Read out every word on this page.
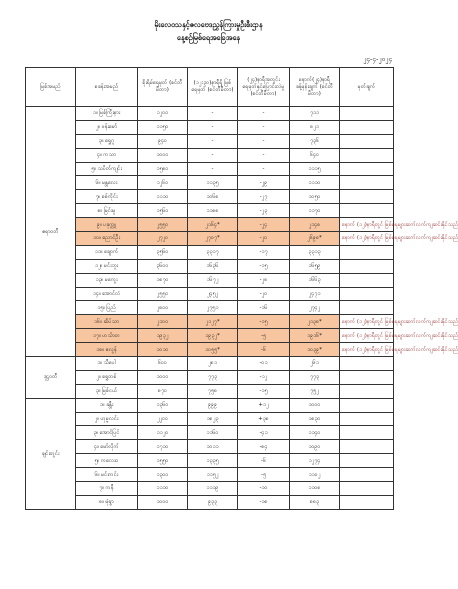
မိုးလေဝသနှင့်ဇလဗေဒညွှန်ကြားမှုဦးစီးဌာန
နေ့စဉ်မြစ်ရေအခြေအနေ
၂၄-၄-၂၀၂၄
မြစ်အမည်	စခန်းအမည်	စိုးရိမ်ရေမှတ် (စင်တီမီတာ)	(၁၂:၃၀)နာရီရှိ မြစ်ရေမှတ် (စင်တီမီတာ)	(၂၄)နာရီအတွင်း ရေမှတ်နှင့်ပြောင်းလဲမှု (စင်တီမီတာ)	နောက်(၂၄)နာရီ ခန့်မှန်းချက် (စင်တီမီတာ)	မှတ်ချက်
ဧရာဝတီ	၁။ မြစ်ကြီးနား	၁၂၀၀	-	-	၇၁၁	
	၂။ ဗန်းမော်	၁၁၅၀	-	-	၈၂၁	
	၃။ ရွှေဂူ	၉၄၀	-	-	၇၃၆	
	၄။ ကသာ	၁၀၀၀	-	-	၆၄၀	
	၅။ သပိတ်ကျင်း	၁၅၈၀	-	-	၁၁၁၅	
	၆။ မန္တလေး	၁၂၆၀	၁၁၃၅	-၂၉	၁၁၁၀	
	၇။ စစ်ကိုင်း	၁၁၁၀	၁၀၆၈	-၂၇	၁၀၅၀	
	၈။ မြင်းမူ	၁၅၆၀	၁၁၈၈	-၂၃	၁၁၇၀	
	၉။ ပခုက္ကူ	၂၅၅၀	၂၁၆၄*	-၂၄	၂၁၄၈	နောက် (၁၂)နာရီတွင် မြစ်ရေများဆက်လက်ကျဆင်းနိုင်သည်
	၁၀။ ညောင်ဦး	၂၇၂၀	၂၇၀၇*	-၂၀	၂၆၉၈*	နောက် (၁၂)နာရီတွင် မြစ်ရေများဆက်လက်ကျဆင်းနိုင်သည်
	၁၁။ ချောက်	၃၅၆၀	၃၃၁၇	-၁၇	၃၃၁၃	
	၁၂။ မင်းဘူး	၃၆၀၀	၁၆၃၆	-၁၅	၁၆၅၉	
	၁၃။ မကွေး	၁၈၇၀	၁၆၇၂	-၂၈	၁၆၆၃	
	၁၄။ အောင်လံ	၂၅၅၀	၂၄၅၂	-၂၀	၂၄၇၁	
	၁၅။ ပြည်	၂၈၀၀	၂၇၅၁	-၁၆	၂၇၄၂	
	၁၆။ ဆိပ်သာ	၂၁၀၀	၂၁၂၇*	-၁၅	၂၁၃၈*	နောက် (၁၂)နာရီတွင် မြစ်ရေများဆက်လက်ကျဆင်းနိုင်သည်
	၁၇။ ဟင်္သာတ	၁၉၃၂	၁၉၃၂*	-၅	၁၉၁၆*	နောက် (၁၂)နာရီတွင် မြစ်ရေများဆက်လက်ကျဆင်းနိုင်သည်
	၁၈။ ဇလွန်	၁၀၁၀	၁၀၅၅*	-၆	၁၀၃၉*	နောက် (၁၂)နာရီတွင် မြစ်ရေများဆက်လက်ကျဆင်းနိုင်သည်
ဒုဋ္ဌဝတီ	၁။ သီပေါ	၆၀၀	၂၈၁	-၀၁	၂၆၁	
	၂။ ရွှေတစ်	၁၀၀၀	၇၇၃	-၁၂	၇၇၃	
	၃။ မြစ်ငယ်	၈၇၀	၇၅၈	-၁၅	၇၅၂	
ချင်းတွင်း	၁။ ခန္တီး	၁၃၆၀	၉၉၉	+၁၂	၁၀၀၀	
	၂။ ဟုမ္မလင်း	၂၂၀၀	၁၈၂၃	+၃၈	၁၈၃၀	
	၃။ အောင်ပြင်	၁၁၂၀	၁၁၆၀	-၄၁	၁၁၄၀	
	၄။ မော်လိုက်	၁၇၁၀	၁၀၁၁	-၈၄	၁၀၉၀	
	၅။ ကလေးဝ	၁၅၅၀	၁၃၃၅	-၆	၁၂၇၄	
	၆။ မင်းကင်း	၁၃၀၀	၁၁၅၂	-၅	၁၁၀၂	
	၇။ ကနီ	၁၁၁၀	၁၁၁၉	-၁၀	၁၁၀၈	
	၈။ မုံရွာ	၁၀၀၀	၉၃၃	-၁၈	၈၈၃	
